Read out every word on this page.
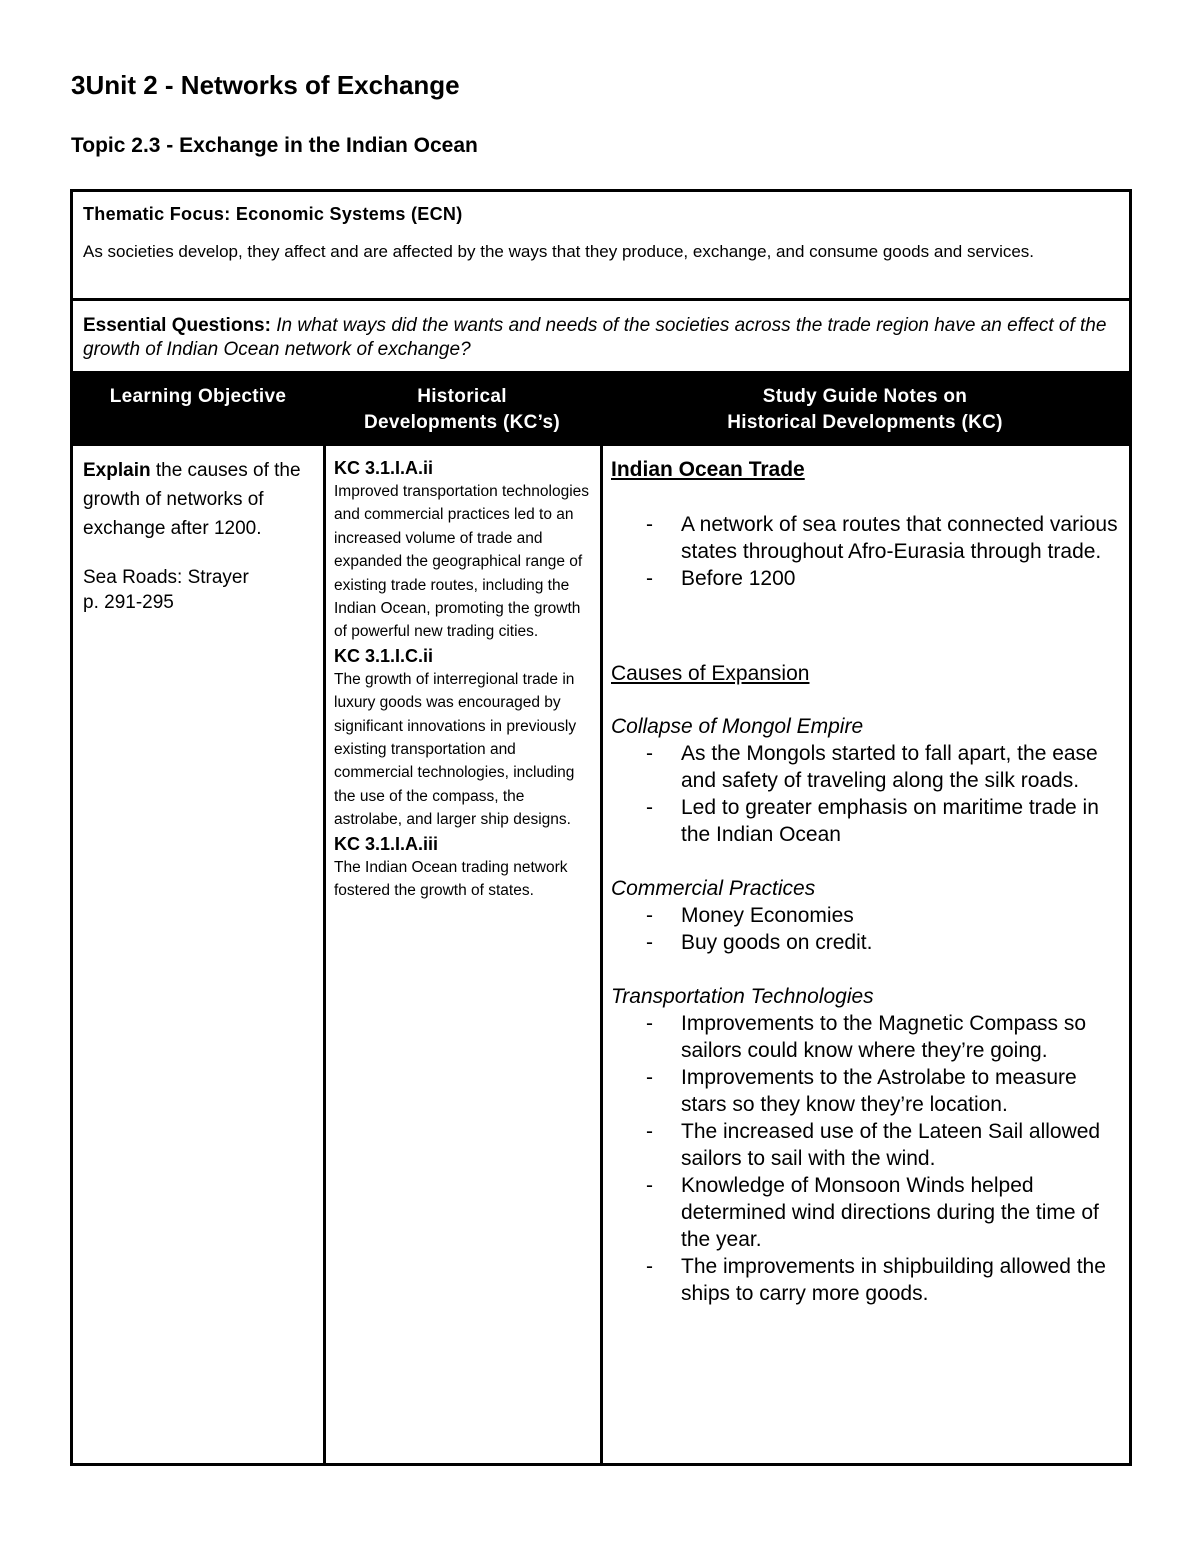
3Unit 2 - Networks of Exchange
Topic 2.3 - Exchange in the Indian Ocean

Thematic Focus: Economic Systems (ECN)

As societies develop, they affect and are affected by the ways that they produce, exchange, and consume goods and services.

Essential Questions: In what ways did the wants and needs of the societies across the trade region have an effect of the growth of Indian Ocean network of exchange?
Learning Objective	Historical
Developments (KC’s)
Study Guide Notes on
Historical Developments (KC)

Explain the causes of the growth of networks of exchange after 1200.

Sea Roads: Strayer

p. 291-295

KC 3.1.I.A.ii

Improved transportation technologies and commercial practices led to an increased volume of trade and expanded the geographical range of existing trade routes, including the Indian Ocean, promoting the growth of powerful new trading cities.

KC 3.1.I.C.ii

The growth of interregional trade in luxury goods was encouraged by significant innovations in previously existing transportation and commercial technologies, including the use of the compass, the astrolabe, and larger ship designs.

KC 3.1.I.A.iii

The Indian Ocean trading network fostered the growth of states.

Indian Ocean Trade
- A network of sea routes that connected various states throughout Afro-Eurasia through trade.
- Before 1200

Causes of Expansion

Collapse of Mongol Empire

- As the Mongols started to fall apart, the ease and safety of traveling along the silk roads.
- Led to greater emphasis on maritime trade in the Indian Ocean

Commercial Practices

- Money Economies
- Buy goods on credit.

Transportation Technologies

- Improvements to the Magnetic Compass so sailors could know where they’re going.
- Improvements to the Astrolabe to measure stars so they know they’re location.
- The increased use of the Lateen Sail allowed sailors to sail with the wind.
- Knowledge of Monsoon Winds helped determined wind directions during the time of the year.
- The improvements in shipbuilding allowed the ships to carry more goods.
